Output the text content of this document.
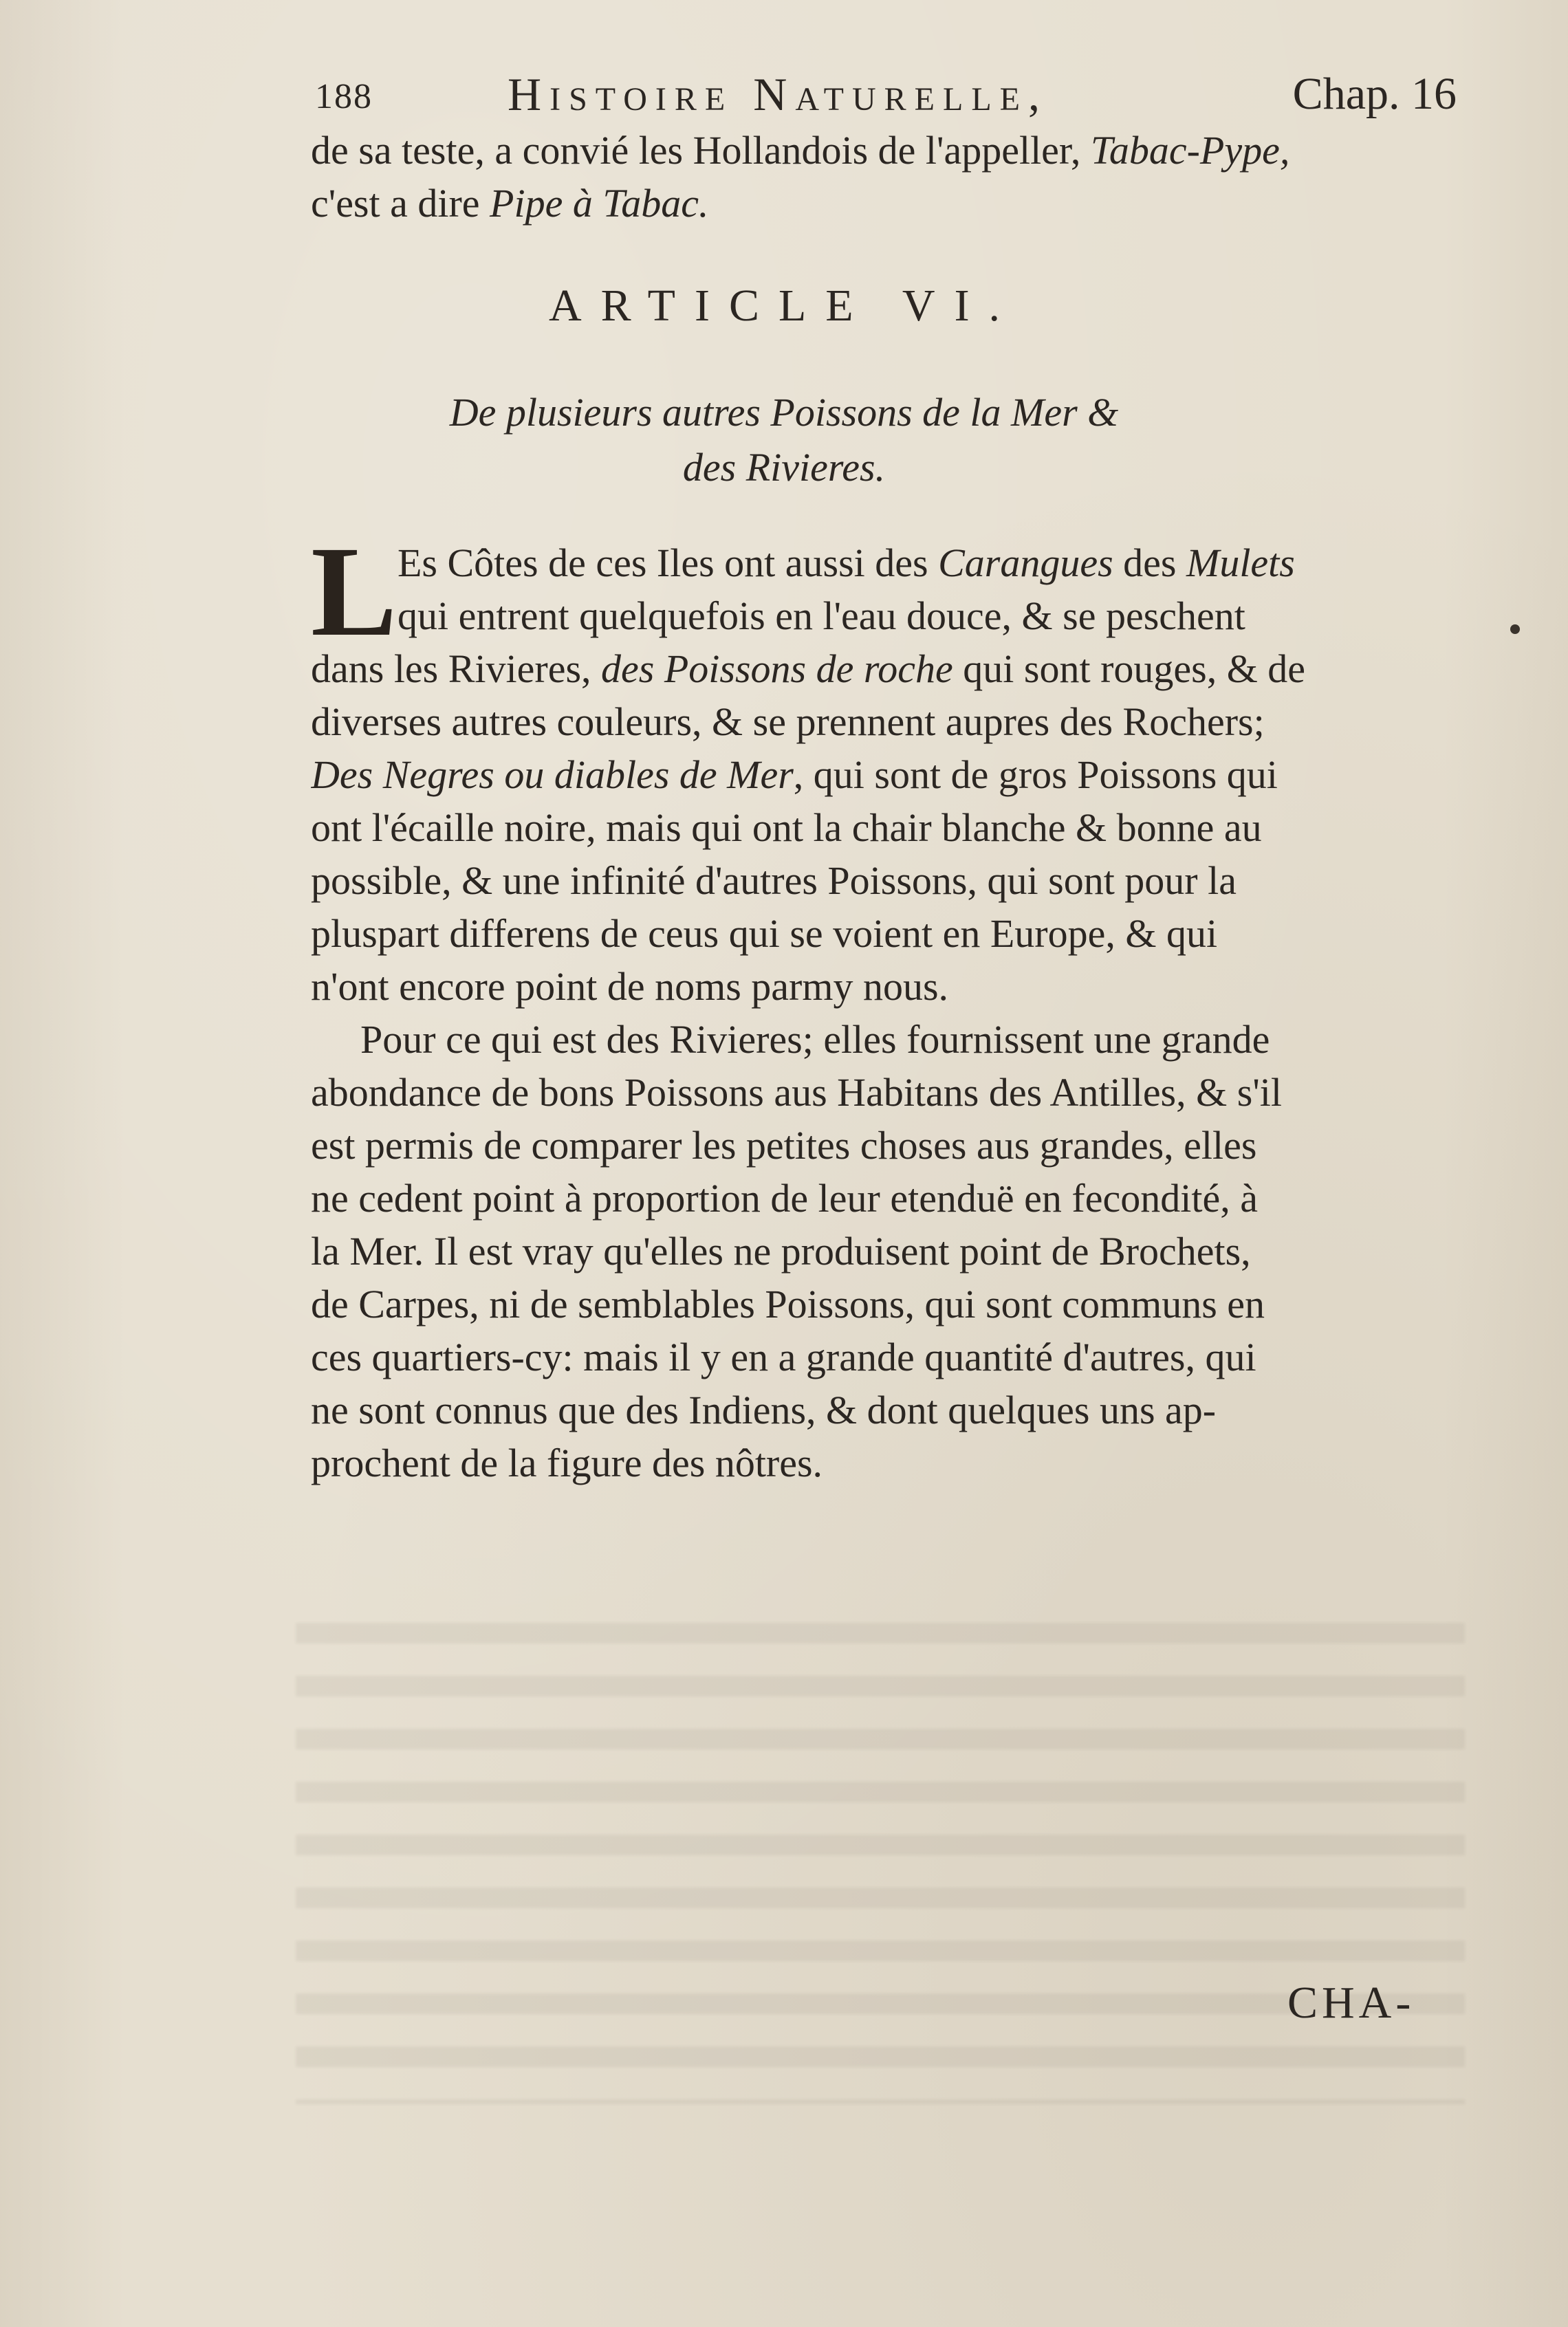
188	Histoire Naturelle,	Chap. 16
de sa teste, a convié les Hollandois de l'appeller, Tabac-Pype,
c'est a dire Pipe à Tabac.
ARTICLE VI.
De plusieurs autres Poissons de la Mer &
des Rivieres.
L Es Côtes de ces Iles ont aussi des Carangues des Mulets
qui entrent quelquefois en l'eau douce, & se peschent
dans les Rivieres, des Poissons de roche qui sont rouges, & de
diverses autres couleurs, & se prennent aupres des Rochers;
Des Negres ou diables de Mer, qui sont de gros Poissons qui
ont l'écaille noire, mais qui ont la chair blanche & bonne au
possible, & une infinité d'autres Poissons, qui sont pour la
pluspart differens de ceus qui se voient en Europe, & qui
n'ont encore point de noms parmy nous.
Pour ce qui est des Rivieres; elles fournissent une grande
abondance de bons Poissons aus Habitans des Antilles, & s'il
est permis de comparer les petites choses aus grandes, elles
ne cedent point à proportion de leur etenduë en fecondité, à
la Mer. Il est vray qu'elles ne produisent point de Brochets,
de Carpes, ni de semblables Poissons, qui sont communs en
ces quartiers-cy: mais il y en a grande quantité d'autres, qui
ne sont connus que des Indiens, & dont quelques uns ap-
prochent de la figure des nôtres.
CHA-
